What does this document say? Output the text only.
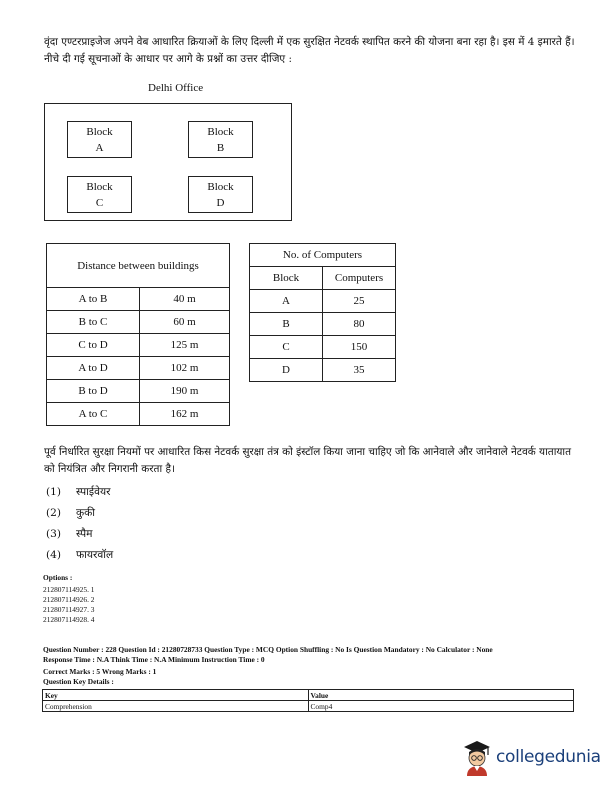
वृंदा एण्टरप्राइजेज अपने वेब आधारित क्रियाओं के लिए दिल्ली में एक सुरक्षित नेटवर्क स्थापित करने की योजना बना रहा है। इस में 4 इमारते हैं। नीचे दी गई सूचनाओं के आधार पर आगे के प्रश्नों का उत्तर दीजिए :
Delhi Office
Block
A
Block
B
Block
C
Block
D
Distance between buildings	
A to B	40 m
B to C	60 m
C to D	125 m
A to D	102 m
B to D	190 m
A to C	162 m
No. of Computers	
Block	Computers
A	25
B	80
C	150
D	35
पूर्व निर्धारित सुरक्षा नियमों पर आधारित किस नेटवर्क सुरक्षा तंत्र को इंस्टॉल किया जाना चाहिए जो कि आनेवाले और जानेवाले नेटवर्क यातायात को नियंत्रित और निगरानी करता है।
(1) स्पाईवेयर
(2) कुकी
(3) स्पैम
(4) फायरवॉल
Options :
212807114925. 1
212807114926. 2
212807114927. 3
212807114928. 4
Question Number : 228 Question Id : 21280728733 Question Type : MCQ Option Shuffling : No Is Question Mandatory : No Calculator : None
Response Time : N.A Think Time : N.A Minimum Instruction Time : 0
Correct Marks : 5 Wrong Marks : 1
Question Key Details :
Key	Value
Comprehension	Comp4
collegedunia
